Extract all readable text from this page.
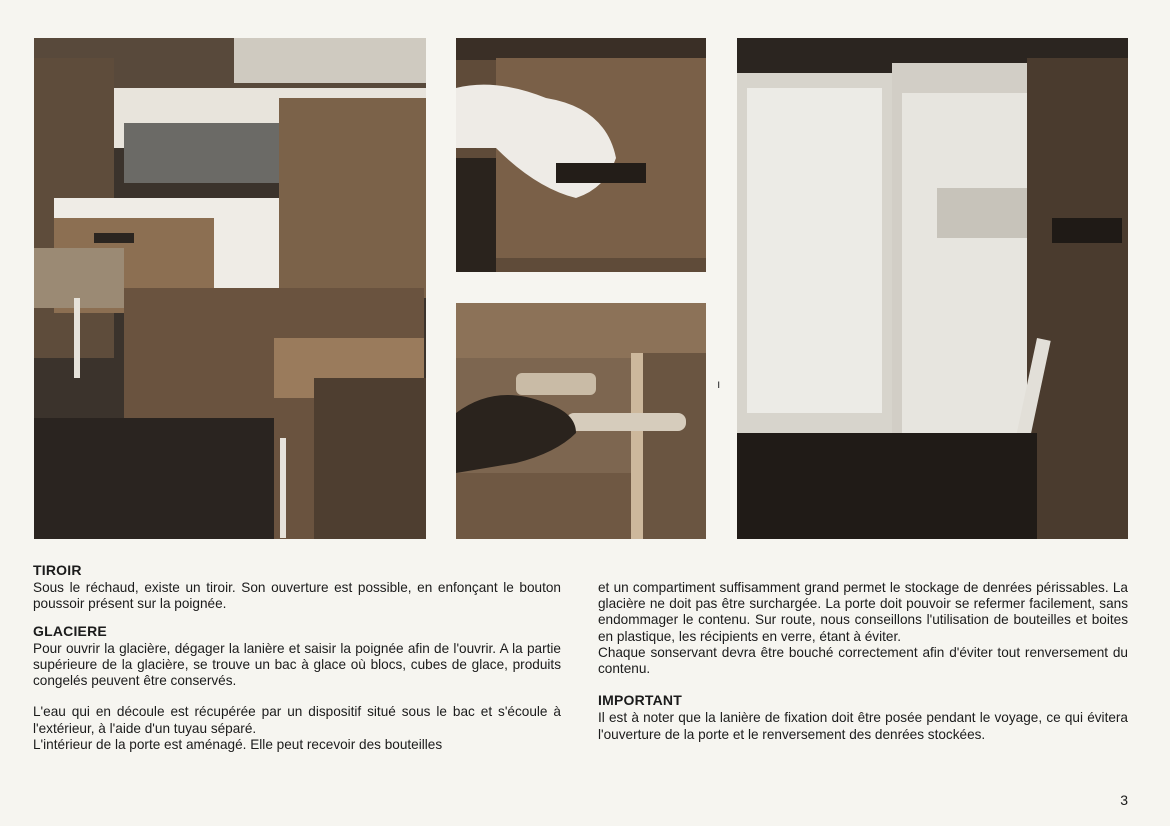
ı

TIROIR

Sous le réchaud, existe un tiroir. Son ouverture est possible, en enfonçant le bouton poussoir présent sur la poignée.

GLACIERE

Pour ouvrir la glacière, dégager la lanière et saisir la poignée afin de l'ouvrir. A la partie supérieure de la glacière, se trouve un bac à glace où blocs, cubes de glace, produits congelés peuvent être conservés.

L'eau qui en découle est récupérée par un dispositif situé sous le bac et s'écoule à l'extérieur, à l'aide d'un tuyau séparé.

L'intérieur de la porte est aménagé. Elle peut recevoir des bouteilles

et un compartiment suffisamment grand permet le stockage de denrées périssables. La glacière ne doit pas être surchargée. La porte doit pouvoir se refermer facilement, sans endommager le contenu. Sur route, nous conseillons l'utilisation de bouteilles et boites en plastique, les récipients en verre, étant à éviter.

Chaque sonservant devra être bouché correctement afin d'éviter tout renversement du contenu.

IMPORTANT

Il est à noter que la lanière de fixation doit être posée pendant le voyage, ce qui évitera l'ouverture de la porte et le renversement des denrées stockées.

3
